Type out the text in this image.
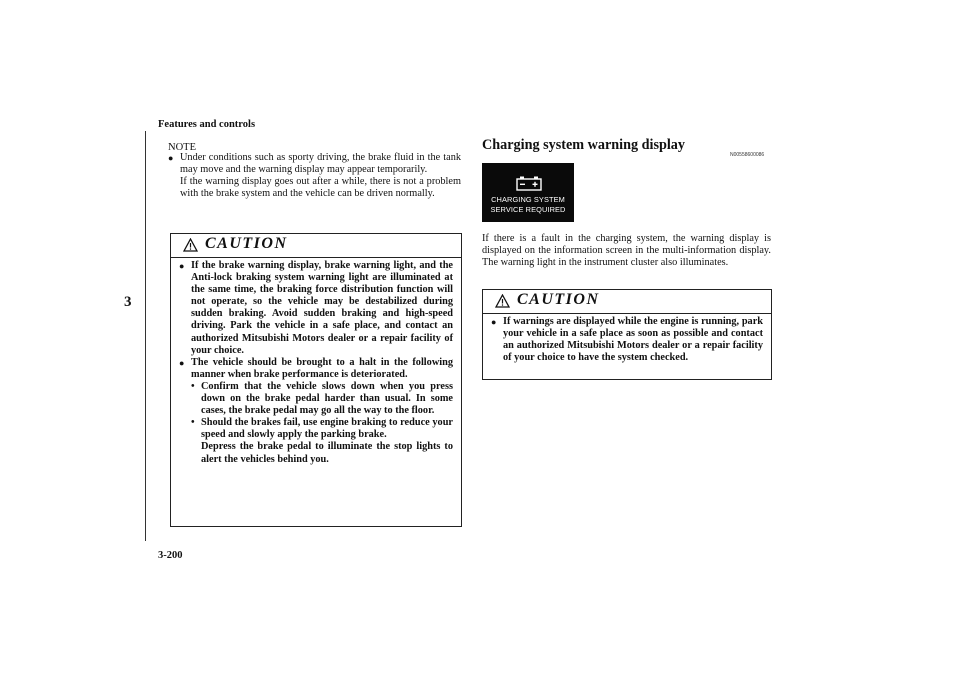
Features and controls
3
3-200
NOTE
● Under conditions such as sporty driving, the brake fluid in the tank may move and the warning display may appear temporarily.
If the warning display goes out after a while, there is not a problem with the brake system and the vehicle can be driven normally.
CAUTION
● If the brake warning display, brake warning light, and the Anti-lock braking system warning light are illuminated at the same time, the braking force distribution function will not operate, so the vehicle may be destabilized during sudden braking. Avoid sudden braking and high-speed driving. Park the vehicle in a safe place, and contact an authorized Mitsubishi Motors dealer or a repair facility of your choice.
● The vehicle should be brought to a halt in the following manner when brake performance is deteriorated.
• Confirm that the vehicle slows down when you press down on the brake pedal harder than usual. In some cases, the brake pedal may go all the way to the floor.
• Should the brakes fail, use engine braking to reduce your speed and slowly apply the parking brake.
Depress the brake pedal to illuminate the stop lights to alert the vehicles behind you.
Charging system warning display
N00558600086
CHARGING SYSTEM
SERVICE REQUIRED
If there is a fault in the charging system, the warning display is displayed on the information screen in the multi-information display. The warning light in the instrument cluster also illuminates.
CAUTION
● If warnings are displayed while the engine is running, park your vehicle in a safe place as soon as possible and contact an authorized Mitsubishi Motors dealer or a repair facility of your choice to have the system checked.
